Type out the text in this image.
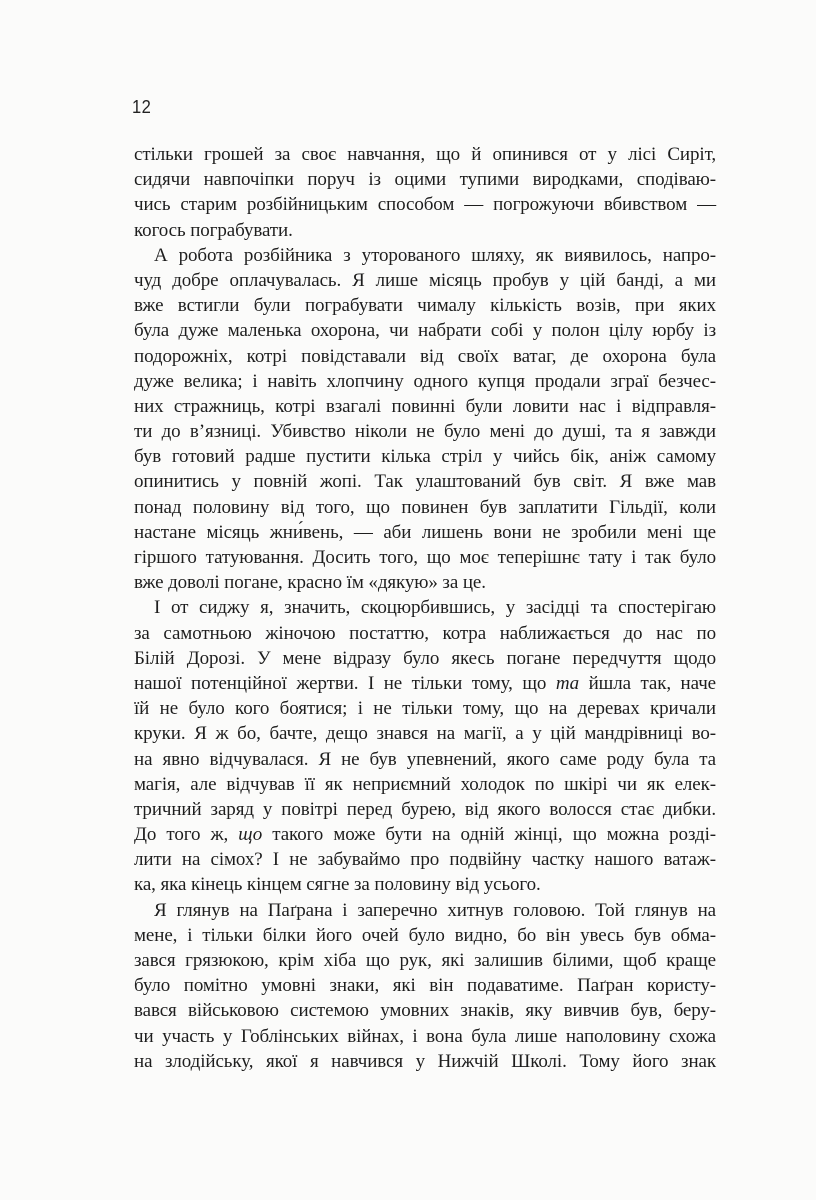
12
стільки грошей за своє навчання, що й опинився от у лісі Сиріт,
сидячи навпочіпки поруч із оцими тупими виродками, сподіваю-
чись старим розбійницьким способом — погрожуючи вбивством —
когось пограбувати.
А робота розбійника з уторованого шляху, як виявилось, напро-
чуд добре оплачувалась. Я лише місяць пробув у цій банді, а ми
вже встигли були пограбувати чималу кількість возів, при яких
була дуже маленька охорона, чи набрати собі у полон цілу юрбу із
подорожніх, котрі повідставали від своїх ватаг, де охорона була
дуже велика; і навіть хлопчину одного купця продали зграї безчес-
них стражниць, котрі взагалі повинні були ловити нас і відправля-
ти до в’язниці. Убивство ніколи не було мені до душі, та я завжди
був готовий радше пустити кілька стріл у чийсь бік, аніж самому
опинитись у повній жопі. Так улаштований був світ. Я вже мав
понад половину від того, що повинен був заплатити Гільдії, коли
настане місяць жни́вень, — аби лишень вони не зробили мені ще
гіршого татуювання. Досить того, що моє теперішнє тату і так було
вже доволі погане, красно їм «дякую» за це.
І от сиджу я, значить, скоцюрбившись, у засідці та спостерігаю
за самотньою жіночою постаттю, котра наближається до нас по
Білій Дорозі. У мене відразу було якесь погане передчуття щодо
нашої потенційної жертви. І не тільки тому, що та йшла так, наче
їй не було кого боятися; і не тільки тому, що на деревах кричали
круки. Я ж бо, бачте, дещо знався на магії, а у цій мандрівниці во-
на явно відчувалася. Я не був упевнений, якого саме роду була та
магія, але відчував її як неприємний холодок по шкірі чи як елек-
тричний заряд у повітрі перед бурею, від якого волосся стає дибки.
До того ж, що такого може бути на одній жінці, що можна розді-
лити на сімох? І не забуваймо про подвійну частку нашого ватаж-
ка, яка кінець кінцем сягне за половину від усього.
Я глянув на Паґрана і заперечно хитнув головою. Той глянув на
мене, і тільки білки його очей було видно, бо він увесь був обма-
зався грязюкою, крім хіба що рук, які залишив білими, щоб краще
було помітно умовні знаки, які він подаватиме. Паґран користу-
вався військовою системою умовних знаків, яку вивчив був, беру-
чи участь у Гоблінських війнах, і вона була лише наполовину схожа
на злодійську, якої я навчився у Нижчій Школі. Тому його знак
